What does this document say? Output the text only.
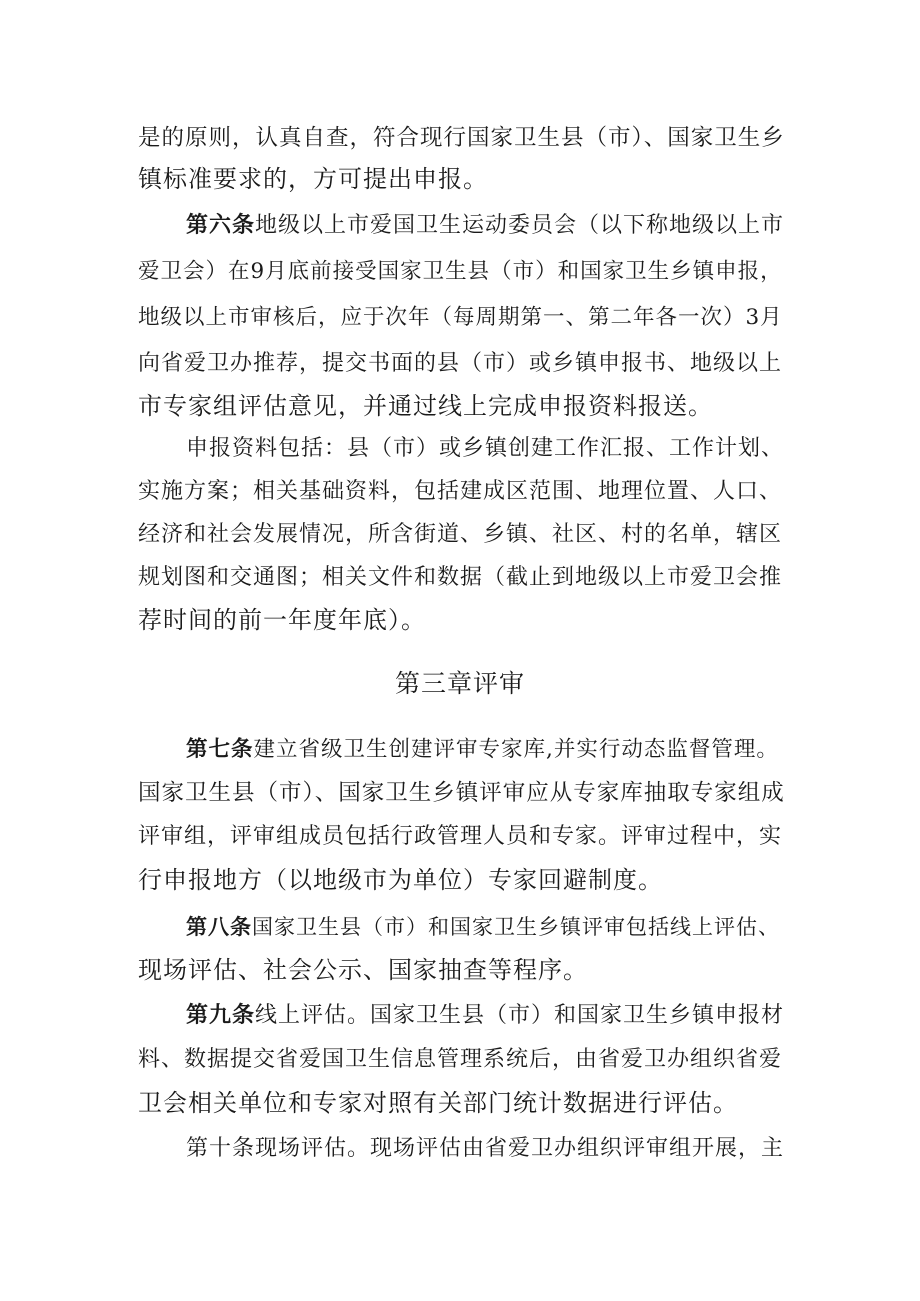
是的原则，认真自查，符合现行国家卫生县（市）、国家卫生乡
镇标准要求的，方可提出申报。
第六条地级以上市爱国卫生运动委员会（以下称地级以上市
爱卫会）在9月底前接受国家卫生县（市）和国家卫生乡镇申报，
地级以上市审核后，应于次年（每周期第一、第二年各一次）3月
向省爱卫办推荐，提交书面的县（市）或乡镇申报书、地级以上
市专家组评估意见，并通过线上完成申报资料报送。
申报资料包括：县（市）或乡镇创建工作汇报、工作计划、
实施方案；相关基础资料，包括建成区范围、地理位置、人口、
经济和社会发展情况，所含街道、乡镇、社区、村的名单，辖区
规划图和交通图；相关文件和数据（截止到地级以上市爱卫会推
荐时间的前一年度年底）。
第三章评审
第七条建立省级卫生创建评审专家库,并实行动态监督管理。
国家卫生县（市）、国家卫生乡镇评审应从专家库抽取专家组成
评审组，评审组成员包括行政管理人员和专家。评审过程中，实
行申报地方（以地级市为单位）专家回避制度。
第八条国家卫生县（市）和国家卫生乡镇评审包括线上评估、
现场评估、社会公示、国家抽查等程序。
第九条线上评估。国家卫生县（市）和国家卫生乡镇申报材
料、数据提交省爱国卫生信息管理系统后，由省爱卫办组织省爱
卫会相关单位和专家对照有关部门统计数据进行评估。
第十条现场评估。现场评估由省爱卫办组织评审组开展，主
